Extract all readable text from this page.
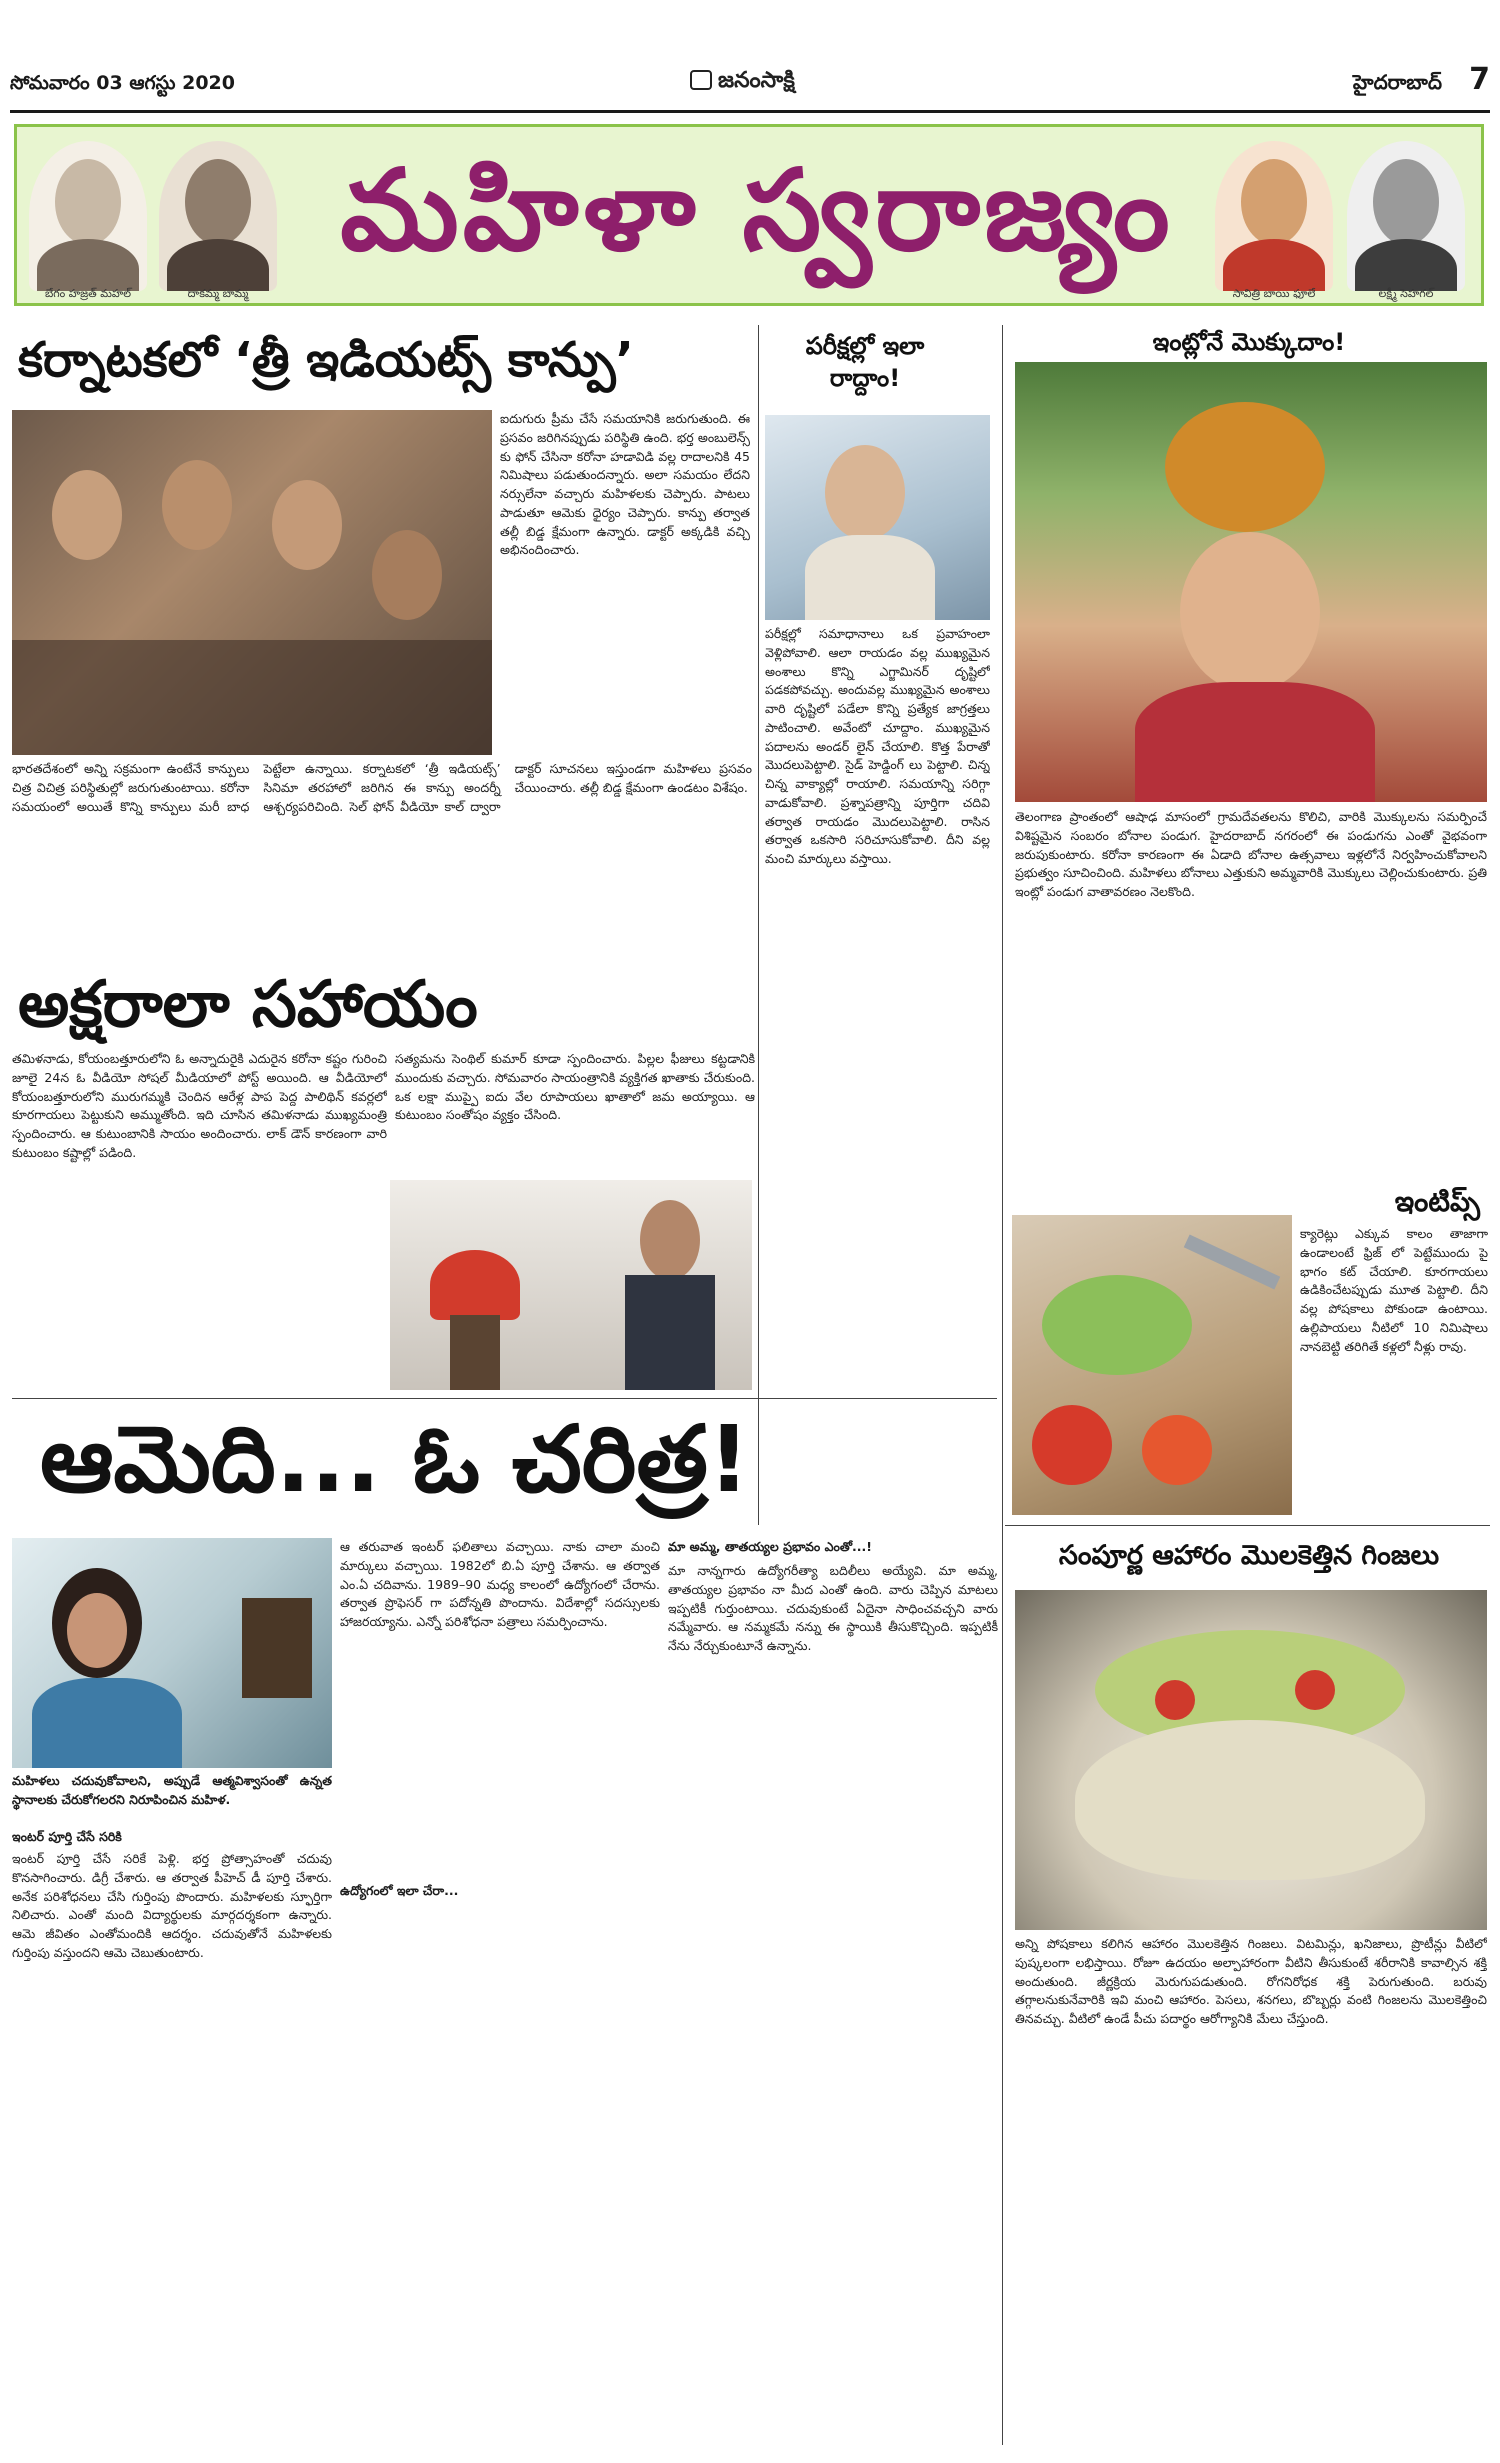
సోమవారం 03 ఆగస్టు 2020	జనంసాక్షి	హైదరాబాద్ 7
బేగం హజ్రత్ మహల్	దాకమ్మ బామ్మ
మహిళా స్వరాజ్యం
సావిత్రి బాయి ఫూలే	లక్ష్మీ సెహగల్
కర్నాటకలో ‘త్రీ ఇడియట్స్ కాన్పు’
ఐదుగురు ప్రీమ చేసే సమయానికి జరుగుతుంది. ఈ ప్రసవం జరిగినప్పుడు పరిస్థితి ఉంది. భర్త అంబులెన్స్ కు ఫోన్ చేసినా కరోనా హడావిడి వల్ల రాదాలనికి 45 నిమిషాలు పడుతుందన్నారు. అలా సమయం లేదని నర్సులేనా వచ్చారు మహిళలకు చెప్పారు. పాటలు పాడుతూ ఆమెకు ధైర్యం చెప్పారు. కాన్పు తర్వాత తల్లీ బిడ్డ క్షేమంగా ఉన్నారు. డాక్టర్ అక్కడికి వచ్చి అభినందించారు.
భారతదేశంలో అన్ని సక్రమంగా ఉంటేనే కాన్పులు చిత్ర విచిత్ర పరిస్థితుల్లో జరుగుతుంటాయి. కరోనా సమయంలో అయితే కొన్ని కాన్పులు మరీ బాధ పెట్టేలా ఉన్నాయి. కర్నాటకలో ‘త్రీ ఇడియట్స్’ సినిమా తరహాలో జరిగిన ఈ కాన్పు అందర్నీ ఆశ్చర్యపరిచింది. సెల్ ఫోన్ వీడియో కాల్ ద్వారా డాక్టర్ సూచనలు ఇస్తుండగా మహిళలు ప్రసవం చేయించారు. తల్లీ బిడ్డ క్షేమంగా ఉండటం విశేషం.
పరీక్షల్లో ఇలా రాద్దాం!
పరీక్షల్లో సమాధానాలు ఒక ప్రవాహంలా వెళ్లిపోవాలి. ఆలా రాయడం వల్ల ముఖ్యమైన అంశాలు కొన్ని ఎగ్జామినర్ దృష్టిలో పడకపోవచ్చు. అందువల్ల ముఖ్యమైన అంశాలు వారి దృష్టిలో పడేలా కొన్ని ప్రత్యేక జాగ్రత్తలు పాటించాలి. అవేంటో చూద్దాం. ముఖ్యమైన పదాలను అండర్ లైన్ చేయాలి. కొత్త పేరాతో మొదలుపెట్టాలి. సైడ్ హెడ్డింగ్ లు పెట్టాలి. చిన్న చిన్న వాక్యాల్లో రాయాలి. సమయాన్ని సరిగ్గా వాడుకోవాలి. ప్రశ్నాపత్రాన్ని పూర్తిగా చదివి తర్వాత రాయడం మొదలుపెట్టాలి. రాసిన తర్వాత ఒకసారి సరిచూసుకోవాలి. దీని వల్ల మంచి మార్కులు వస్తాయి.
అక్షరాలా సహాయం
తమిళనాడు, కోయంబత్తూరులోని ఓ అన్నాదురైకి ఎదురైన కరోనా కష్టం గురించి జూలై 24న ఓ వీడియో సోషల్ మీడియాలో పోస్ట్ అయింది. ఆ వీడియోలో కోయంబత్తూరులోని మురుగమ్మకి చెందిన ఆరేళ్ల పాప పెద్ద పాలిథిన్ కవర్లలో కూరగాయలు పెట్టుకుని అమ్ముతోంది. ఇది చూసిన తమిళనాడు ముఖ్యమంత్రి స్పందించారు. ఆ కుటుంబానికి సాయం అందించారు. లాక్ డౌన్ కారణంగా వారి కుటుంబం కష్టాల్లో పడింది.
సత్యమను సెంథిల్ కుమార్ కూడా స్పందించారు. పిల్లల ఫీజులు కట్టడానికి ముందుకు వచ్చారు. సోమవారం సాయంత్రానికి వ్యక్తిగత ఖాతాకు చేరుకుంది. ఒక లక్షా ముప్పై ఐదు వేల రూపాయలు ఖాతాలో జమ అయ్యాయి. ఆ కుటుంబం సంతోషం వ్యక్తం చేసింది.
ఆమెది... ఓ చరిత్ర!
మహిళలు చదువుకోవాలని, అప్పుడే ఆత్మవిశ్వాసంతో ఉన్నత స్థానాలకు చేరుకోగలరని నిరూపించిన మహిళ.
ఇంటర్ పూర్తి చేసే సరికి
ఇంటర్ పూర్తి చేసే సరికే పెళ్లి. భర్త ప్రోత్సాహంతో చదువు కొనసాగించారు. డిగ్రీ చేశారు. ఆ తర్వాత పీహెచ్ డీ పూర్తి చేశారు. అనేక పరిశోధనలు చేసి గుర్తింపు పొందారు. మహిళలకు స్ఫూర్తిగా నిలిచారు. ఎంతో మంది విద్యార్థులకు మార్గదర్శకంగా ఉన్నారు. ఆమె జీవితం ఎంతోమందికి ఆదర్శం. చదువుతోనే మహిళలకు గుర్తింపు వస్తుందని ఆమె చెబుతుంటారు.
ఆ తరువాత ఇంటర్ ఫలితాలు వచ్చాయి. నాకు చాలా మంచి మార్కులు వచ్చాయి. 1982లో బి.ఏ పూర్తి చేశాను. ఆ తర్వాత ఎం.ఏ చదివాను. 1989–90 మధ్య కాలంలో ఉద్యోగంలో చేరాను. తర్వాత ప్రొఫెసర్ గా పదోన్నతి పొందాను. విదేశాల్లో సదస్సులకు హాజరయ్యాను. ఎన్నో పరిశోధనా పత్రాలు సమర్పించాను.
ఉద్యోగంలో ఇలా చేరా...
మా అమ్మ, తాతయ్యల ప్రభావం ఎంతో...!
మా నాన్నగారు ఉద్యోగరీత్యా బదిలీలు అయ్యేవి. మా అమ్మ, తాతయ్యల ప్రభావం నా మీద ఎంతో ఉంది. వారు చెప్పిన మాటలు ఇప్పటికీ గుర్తుంటాయి. చదువుకుంటే ఏదైనా సాధించవచ్చని వారు నమ్మేవారు. ఆ నమ్మకమే నన్ను ఈ స్థాయికి తీసుకొచ్చింది. ఇప్పటికీ నేను నేర్చుకుంటూనే ఉన్నాను.
ఇంట్లోనే మొక్కుదాం!
తెలంగాణ ప్రాంతంలో ఆషాఢ మాసంలో గ్రామదేవతలను కొలిచి, వారికి మొక్కులను సమర్పించే విశిష్టమైన సంబరం బోనాల పండుగ. హైదరాబాద్ నగరంలో ఈ పండుగను ఎంతో వైభవంగా జరుపుకుంటారు. కరోనా కారణంగా ఈ ఏడాది బోనాల ఉత్సవాలు ఇళ్లలోనే నిర్వహించుకోవాలని ప్రభుత్వం సూచించింది. మహిళలు బోనాలు ఎత్తుకుని అమ్మవారికి మొక్కులు చెల్లించుకుంటారు. ప్రతి ఇంట్లో పండుగ వాతావరణం నెలకొంది.
ఇంటిప్స్
క్యారెట్లు ఎక్కువ కాలం తాజాగా ఉండాలంటే ఫ్రిజ్ లో పెట్టేముందు పై భాగం కట్ చేయాలి. కూరగాయలు ఉడికించేటప్పుడు మూత పెట్టాలి. దీని వల్ల పోషకాలు పోకుండా ఉంటాయి. ఉల్లిపాయలు నీటిలో 10 నిమిషాలు నానబెట్టి తరిగితే కళ్లలో నీళ్లు రావు.
సంపూర్ణ ఆహారం మొలకెత్తిన గింజలు
అన్ని పోషకాలు కలిగిన ఆహారం మొలకెత్తిన గింజలు. విటమిన్లు, ఖనిజాలు, ప్రొటీన్లు వీటిలో పుష్కలంగా లభిస్తాయి. రోజూ ఉదయం అల్పాహారంగా వీటిని తీసుకుంటే శరీరానికి కావాల్సిన శక్తి అందుతుంది. జీర్ణక్రియ మెరుగుపడుతుంది. రోగనిరోధక శక్తి పెరుగుతుంది. బరువు తగ్గాలనుకునేవారికి ఇవి మంచి ఆహారం. పెసలు, శనగలు, బొబ్బర్లు వంటి గింజలను మొలకెత్తించి తినవచ్చు. వీటిలో ఉండే పీచు పదార్థం ఆరోగ్యానికి మేలు చేస్తుంది.
